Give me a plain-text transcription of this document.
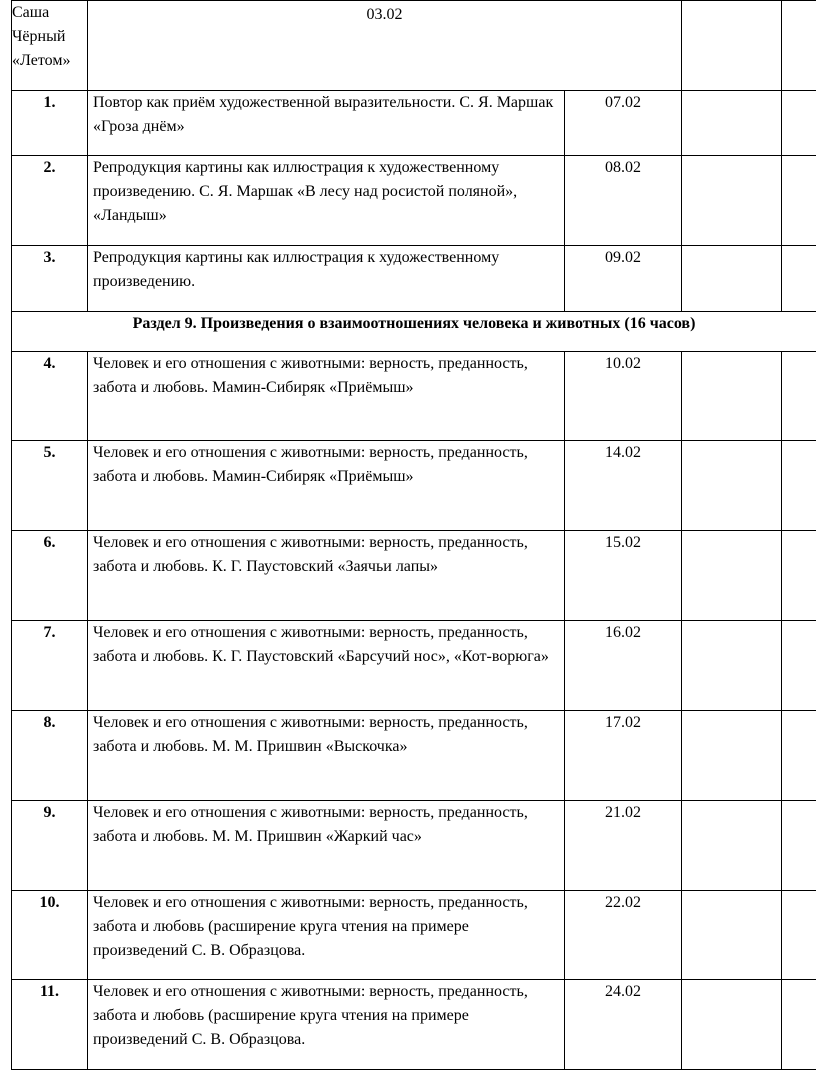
Саша Чёрный «Летом»	03.02			
1.	Повтор как приём художественной выразительности. С. Я. Маршак «Гроза днём»	07.02		
2.	Репродукция картины как иллюстрация к художественному произведению. С. Я. Маршак «В лесу над росистой поляной», «Ландыш»	08.02		
3.	Репродукция картины как иллюстрация к художественному произведению.	09.02		
Раздел 9. Произведения о взаимоотношениях человека и животных (16 часов)				
4.	Человек и его отношения с животными: верность, преданность, забота и любовь. Мамин-Сибиряк «Приёмыш»	10.02		
5.	Человек и его отношения с животными: верность, преданность, забота и любовь. Мамин-Сибиряк «Приёмыш»	14.02		
6.	Человек и его отношения с животными: верность, преданность, забота и любовь. К. Г. Паустовский «Заячьи лапы»	15.02		
7.	Человек и его отношения с животными: верность, преданность, забота и любовь. К. Г. Паустовский «Барсучий нос», «Кот-ворюга»	16.02		
8.	Человек и его отношения с животными: верность, преданность, забота и любовь. М. М. Пришвин «Выскочка»	17.02		
9.	Человек и его отношения с животными: верность, преданность, забота и любовь. М. М. Пришвин «Жаркий час»	21.02		
10.	Человек и его отношения с животными: верность, преданность, забота и любовь (расширение круга чтения на примере произведений С. В. Образцова.	22.02		
11.	Человек и его отношения с животными: верность, преданность, забота и любовь (расширение круга чтения на примере произведений С. В. Образцова.	24.02		
